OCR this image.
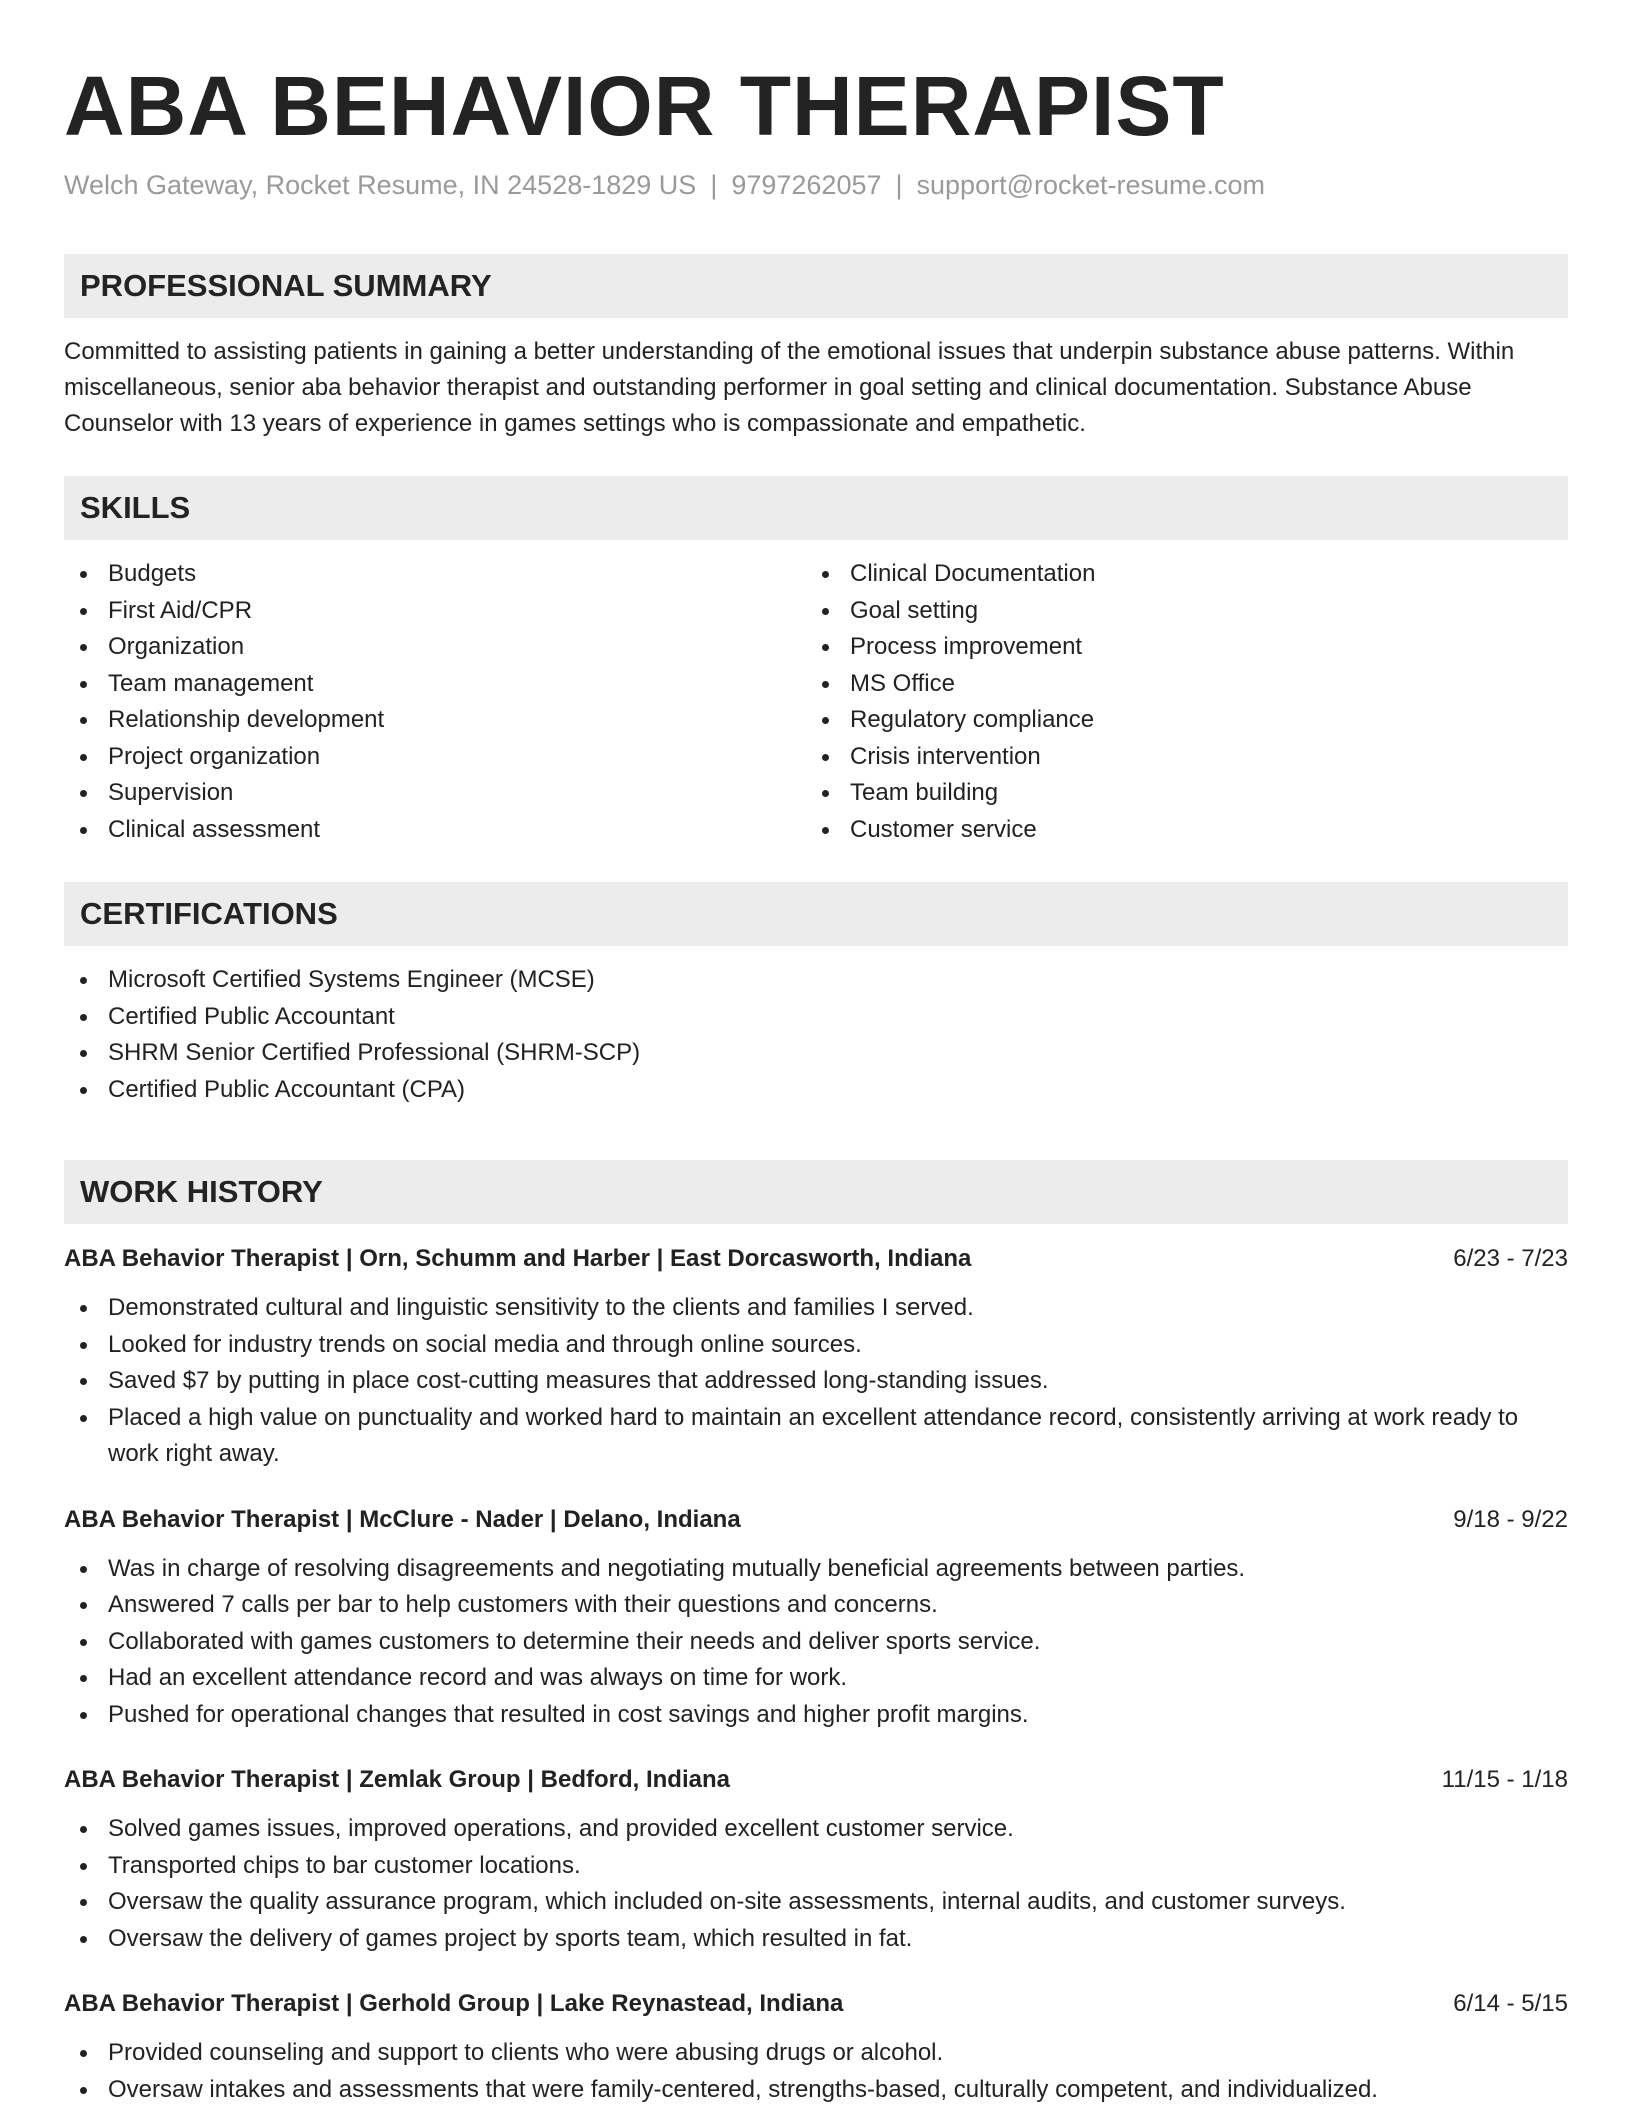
ABA BEHAVIOR THERAPIST
Welch Gateway, Rocket Resume, IN 24528-1829 US | 9797262057 | support@rocket-resume.com
PROFESSIONAL SUMMARY

Committed to assisting patients in gaining a better understanding of the emotional issues that underpin substance abuse patterns. Within miscellaneous, senior aba behavior therapist and outstanding performer in goal setting and clinical documentation. Substance Abuse Counselor with 13 years of experience in games settings who is compassionate and empathetic.

SKILLS
Budgets
First Aid/CPR
Organization
Team management
Relationship development
Project organization
Supervision
Clinical assessment
Clinical Documentation
Goal setting
Process improvement
MS Office
Regulatory compliance
Crisis intervention
Team building
Customer service
CERTIFICATIONS
Microsoft Certified Systems Engineer (MCSE)
Certified Public Accountant
SHRM Senior Certified Professional (SHRM-SCP)
Certified Public Accountant (CPA)
WORK HISTORY
ABA Behavior Therapist | Orn, Schumm and Harber | East Dorcasworth, Indiana	6/23 - 7/23
Demonstrated cultural and linguistic sensitivity to the clients and families I served.
Looked for industry trends on social media and through online sources.
Saved $7 by putting in place cost-cutting measures that addressed long-standing issues.
Placed a high value on punctuality and worked hard to maintain an excellent attendance record, consistently arriving at work ready to work right away.
ABA Behavior Therapist | McClure - Nader | Delano, Indiana	9/18 - 9/22
Was in charge of resolving disagreements and negotiating mutually beneficial agreements between parties.
Answered 7 calls per bar to help customers with their questions and concerns.
Collaborated with games customers to determine their needs and deliver sports service.
Had an excellent attendance record and was always on time for work.
Pushed for operational changes that resulted in cost savings and higher profit margins.
ABA Behavior Therapist | Zemlak Group | Bedford, Indiana	11/15 - 1/18
Solved games issues, improved operations, and provided excellent customer service.
Transported chips to bar customer locations.
Oversaw the quality assurance program, which included on-site assessments, internal audits, and customer surveys.
Oversaw the delivery of games project by sports team, which resulted in fat.
ABA Behavior Therapist | Gerhold Group | Lake Reynastead, Indiana	6/14 - 5/15
Provided counseling and support to clients who were abusing drugs or alcohol.
Oversaw intakes and assessments that were family-centered, strengths-based, culturally competent, and individualized.
